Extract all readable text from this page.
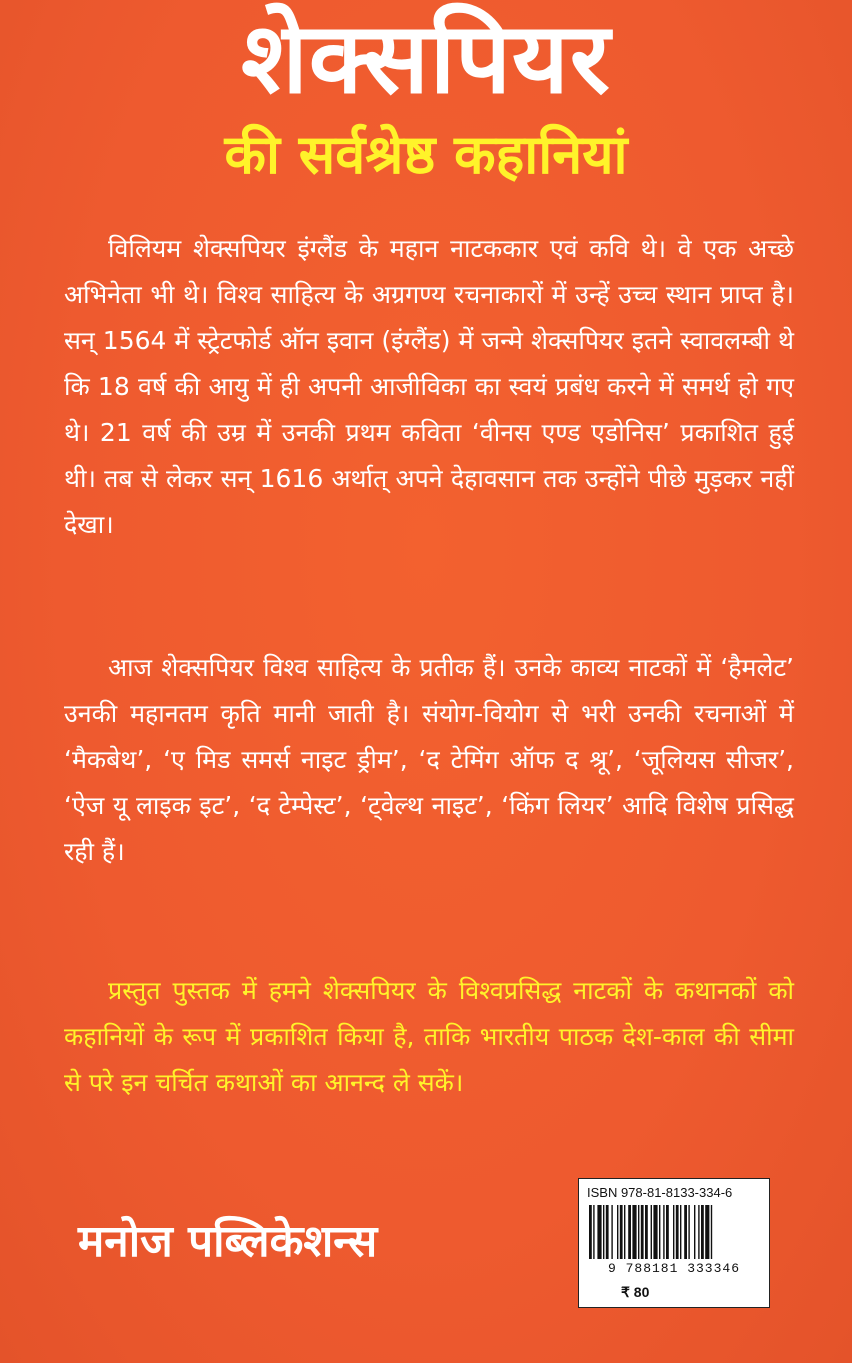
शेक्सपियर
की सर्वश्रेष्ठ कहानियां

विलियम शेक्सपियर इंग्लैंड के महान नाटककार एवं कवि थे। वे एक अच्छे अभिनेता भी थे। विश्व साहित्य के अग्रगण्य रचनाकारों में उन्हें उच्च स्थान प्राप्त है। सन् 1564 में स्ट्रेटफोर्ड ऑन इवान (इंग्लैंड) में जन्मे शेक्सपियर इतने स्वावलम्बी थे कि 18 वर्ष की आयु में ही अपनी आजीविका का स्वयं प्रबंध करने में समर्थ हो गए थे। 21 वर्ष की उम्र में उनकी प्रथम कविता ‘वीनस एण्ड एडोनिस’ प्रकाशित हुई थी। तब से लेकर सन् 1616 अर्थात् अपने देहावसान तक उन्होंने पीछे मुड़कर नहीं देखा।

आज शेक्सपियर विश्व साहित्य के प्रतीक हैं। उनके काव्य नाटकों में ‘हैमलेट’ उनकी महानतम कृति मानी जाती है। संयोग-वियोग से भरी उनकी रचनाओं में ‘मैकबेथ’, ‘ए मिड समर्स नाइट ड्रीम’, ‘द टेमिंग ऑफ द श्रू’, ‘जूलियस सीजर’, ‘ऐज यू लाइक इट’, ‘द टेम्पेस्ट’, ‘ट्वेल्थ नाइट’, ‘किंग लियर’ आदि विशेष प्रसिद्ध रही हैं।

प्रस्तुत पुस्तक में हमने शेक्सपियर के विश्वप्रसिद्ध नाटकों के कथानकों को कहानियों के रूप में प्रकाशित किया है, ताकि भारतीय पाठक देश-काल की सीमा से परे इन चर्चित कथाओं का आनन्द ले सकें।

मनोज पब्लिकेशन्स
ISBN 978-81-8133-334-6
9 788181 333346
₹ 80
